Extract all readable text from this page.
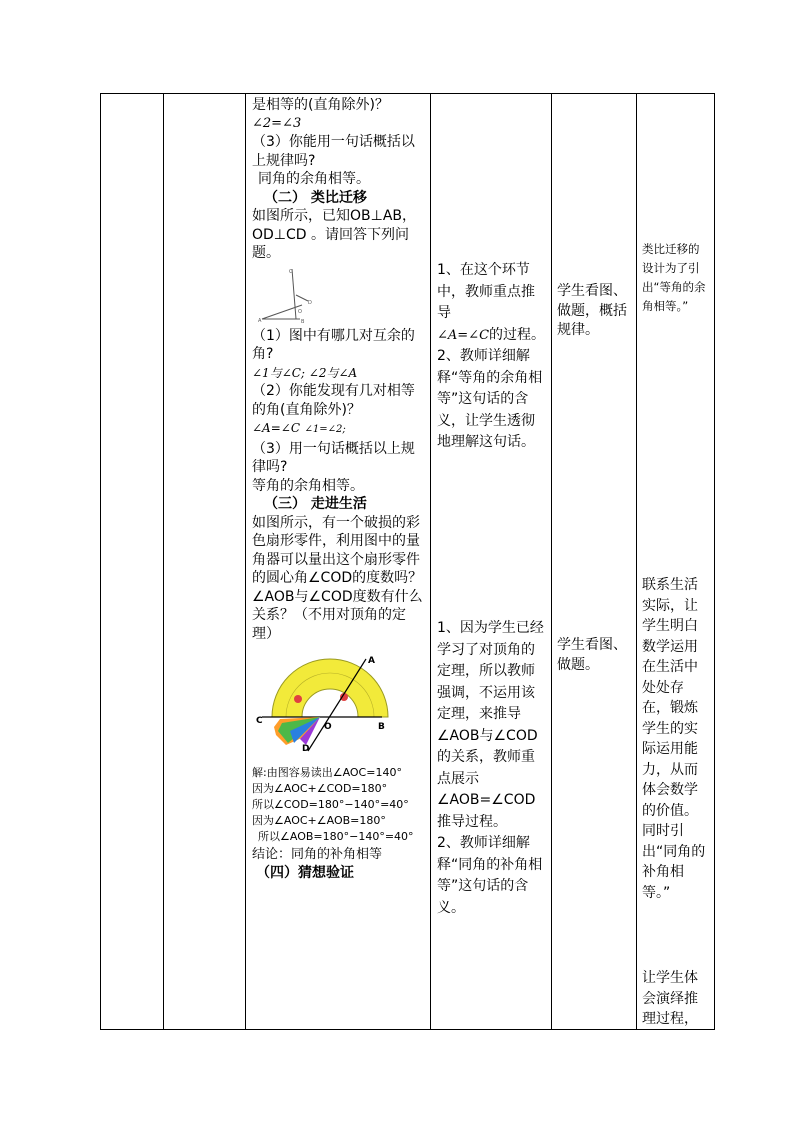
是相等的(直角除外)？

∠2=∠3

（3）你能用一句话概括以上规律吗?

同角的余角相等。

（二） 类比迁移

如图所示，已知OB⊥AB，OD⊥CD 。请回答下列问题。

C
A	B
D
O

（1）图中有哪几对互余的角?

∠1与∠C; ∠2与∠A

（2）你能发现有几对相等的角(直角除外)？

∠A=∠C ∠1=∠2;

（3）用一句话概括以上规律吗?

等角的余角相等。

（三） 走进生活

如图所示，有一个破损的彩色扇形零件，利用图中的量角器可以量出这个扇形零件的圆心角∠COD的度数吗？∠AOB与∠COD度数有什么关系？（不用对顶角的定理）

A
B
C
D
O

解:由图容易读出∠AOC=140°

因为∠AOC+∠COD=180°

所以∠COD=180°−140°=40°

因为∠AOC+∠AOB=180°

所以∠AOB=180°−140°=40°

结论：同角的补角相等

（四）猜想验证

1、在这个环节中，教师重点推导

∠A=∠C的过程。

2、教师详细解释“等角的余角相等”这句话的含义，让学生透彻地理解这句话。

1、因为学生已经学习了对顶角的定理，所以教师强调，不运用该定理，来推导∠AOB与∠COD的关系，教师重点展示∠AOB=∠COD推导过程。

2、教师详细解释“同角的补角相等”这句话的含义。

学生看图、做题，概括规律。

学生看图、做题。

类比迁移的设计为了引出“等角的余角相等。”

联系生活实际，让学生明白数学运用在生活中处处存在，锻炼学生的实际运用能力，从而体会数学的价值。同时引出“同角的补角相等。”

让学生体会演绎推理过程，
